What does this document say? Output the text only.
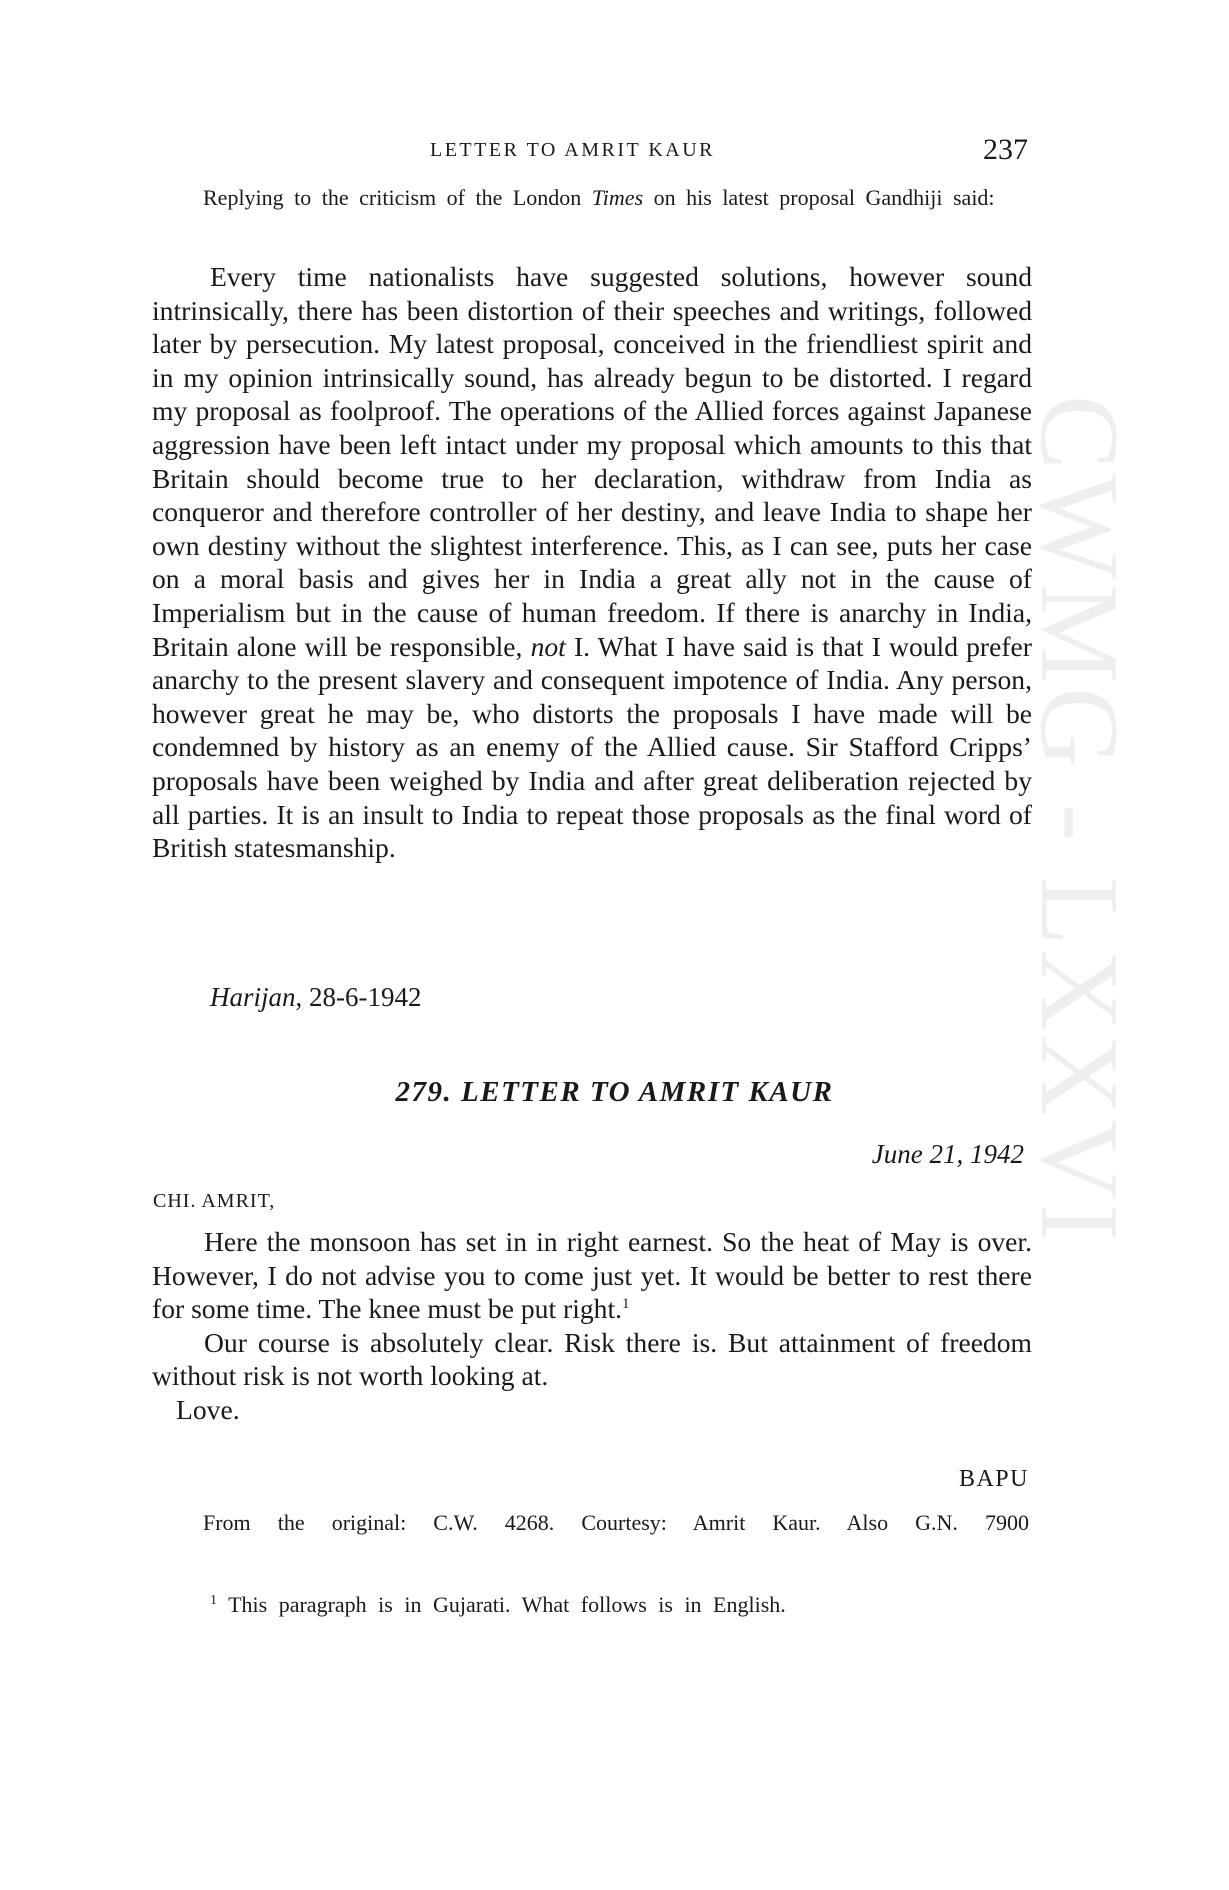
CWMG - LXXVI
LETTER TO AMRIT KAUR	237

Replying to the criticism of the London Times on his latest proposal Gandhiji said:

Every time nationalists have suggested solutions, however sound intrinsically, there has been distortion of their speeches and writings, followed later by persecution. My latest proposal, conceived in the friendliest spirit and in my opinion intrinsically sound, has already begun to be distorted. I regard my proposal as foolproof. The operations of the Allied forces against Japanese aggression have been left intact under my proposal which amounts to this that Britain should become true to her declaration, withdraw from India as conqueror and therefore controller of her destiny, and leave India to shape her own destiny without the slightest interference. This, as I can see, puts her case on a moral basis and gives her in India a great ally not in the cause of Imperialism but in the cause of human freedom. If there is anarchy in India, Britain alone will be responsible, not I. What I have said is that I would prefer anarchy to the present slavery and consequent impotence of India. Any person, however great he may be, who distorts the proposals I have made will be condemned by history as an enemy of the Allied cause. Sir Stafford Cripps’ proposals have been weighed by India and after great deliberation rejected by all parties. It is an insult to India to repeat those proposals as the final word of British statesmanship.

Harijan, 28-6-1942

279. LETTER TO AMRIT KAUR

June 21, 1942

CHI. AMRIT,

Here the monsoon has set in in right earnest. So the heat of May is over. However, I do not advise you to come just yet. It would be better to rest there for some time. The knee must be put right.$^1$

Our course is absolutely clear. Risk there is. But attainment of freedom without risk is not worth looking at.

Love.

BAPU

From the original: C.W. 4268. Courtesy: Amrit Kaur. Also G.N. 7900

$^1$ This paragraph is in Gujarati. What follows is in English.
